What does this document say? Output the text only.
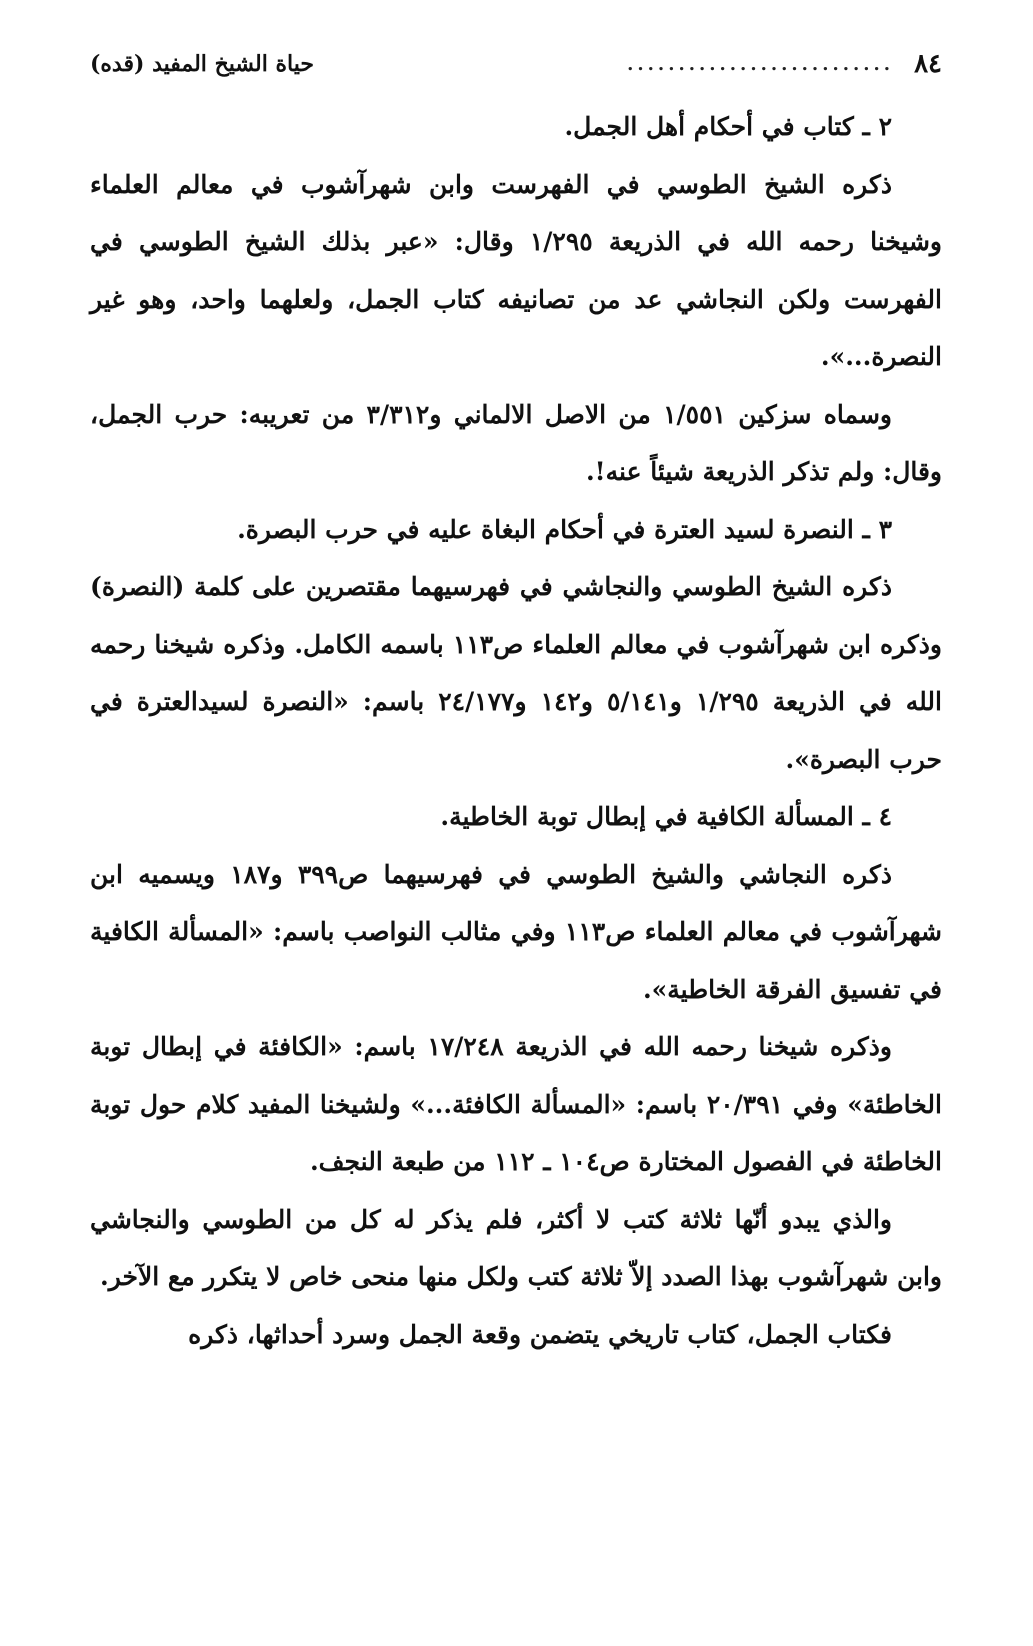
٨٤
..........................
حياة الشيخ المفيد (قده)

٢ ـ كتاب في أحكام أهل الجمل.

ذكره الشيخ الطوسي في الفهرست وابن شهرآشوب في معالم العلماء وشيخنا رحمه الله في الذريعة ١/٢٩٥ وقال: «عبر بذلك الشيخ الطوسي في الفهرست ولكن النجاشي عد من تصانيفه كتاب الجمل، ولعلهما واحد، وهو غير النصرة...».

وسماه سزكين ١/٥٥١ من الاصل الالماني و٣/٣١٢ من تعريبه: حرب الجمل، وقال: ولم تذكر الذريعة شيئاً عنه!.

٣ ـ النصرة لسيد العترة في أحكام البغاة عليه في حرب البصرة.

ذكره الشيخ الطوسي والنجاشي في فهرسيهما مقتصرين على كلمة (النصرة) وذكره ابن شهرآشوب في معالم العلماء ص١١٣ باسمه الكامل. وذكره شيخنا رحمه الله في الذريعة ١/٢٩٥ و٥/١٤١ و١٤٢ و٢٤/١٧٧ باسم: «النصرة لسيدالعترة في حرب البصرة».

٤ ـ المسألة الكافية في إبطال توبة الخاطية.

ذكره النجاشي والشيخ الطوسي في فهرسيهما ص٣٩٩ و١٨٧ ويسميه ابن شهرآشوب في معالم العلماء ص١١٣ وفي مثالب النواصب باسم: «المسألة الكافية في تفسيق الفرقة الخاطية».

وذكره شيخنا رحمه الله في الذريعة ١٧/٢٤٨ باسم: «الكافئة في إبطال توبة الخاطئة» وفي ٢٠/٣٩١ باسم: «المسألة الكافئة...» ولشيخنا المفيد كلام حول توبة الخاطئة في الفصول المختارة ص١٠٤ ـ ١١٢ من طبعة النجف.

والذي يبدو أنّها ثلاثة كتب لا أكثر، فلم يذكر له كل من الطوسي والنجاشي وابن شهرآشوب بهذا الصدد إلاّ ثلاثة كتب ولكل منها منحى خاص لا يتكرر مع الآخر.

فكتاب الجمل، كتاب تاريخي يتضمن وقعة الجمل وسرد أحداثها، ذكره
